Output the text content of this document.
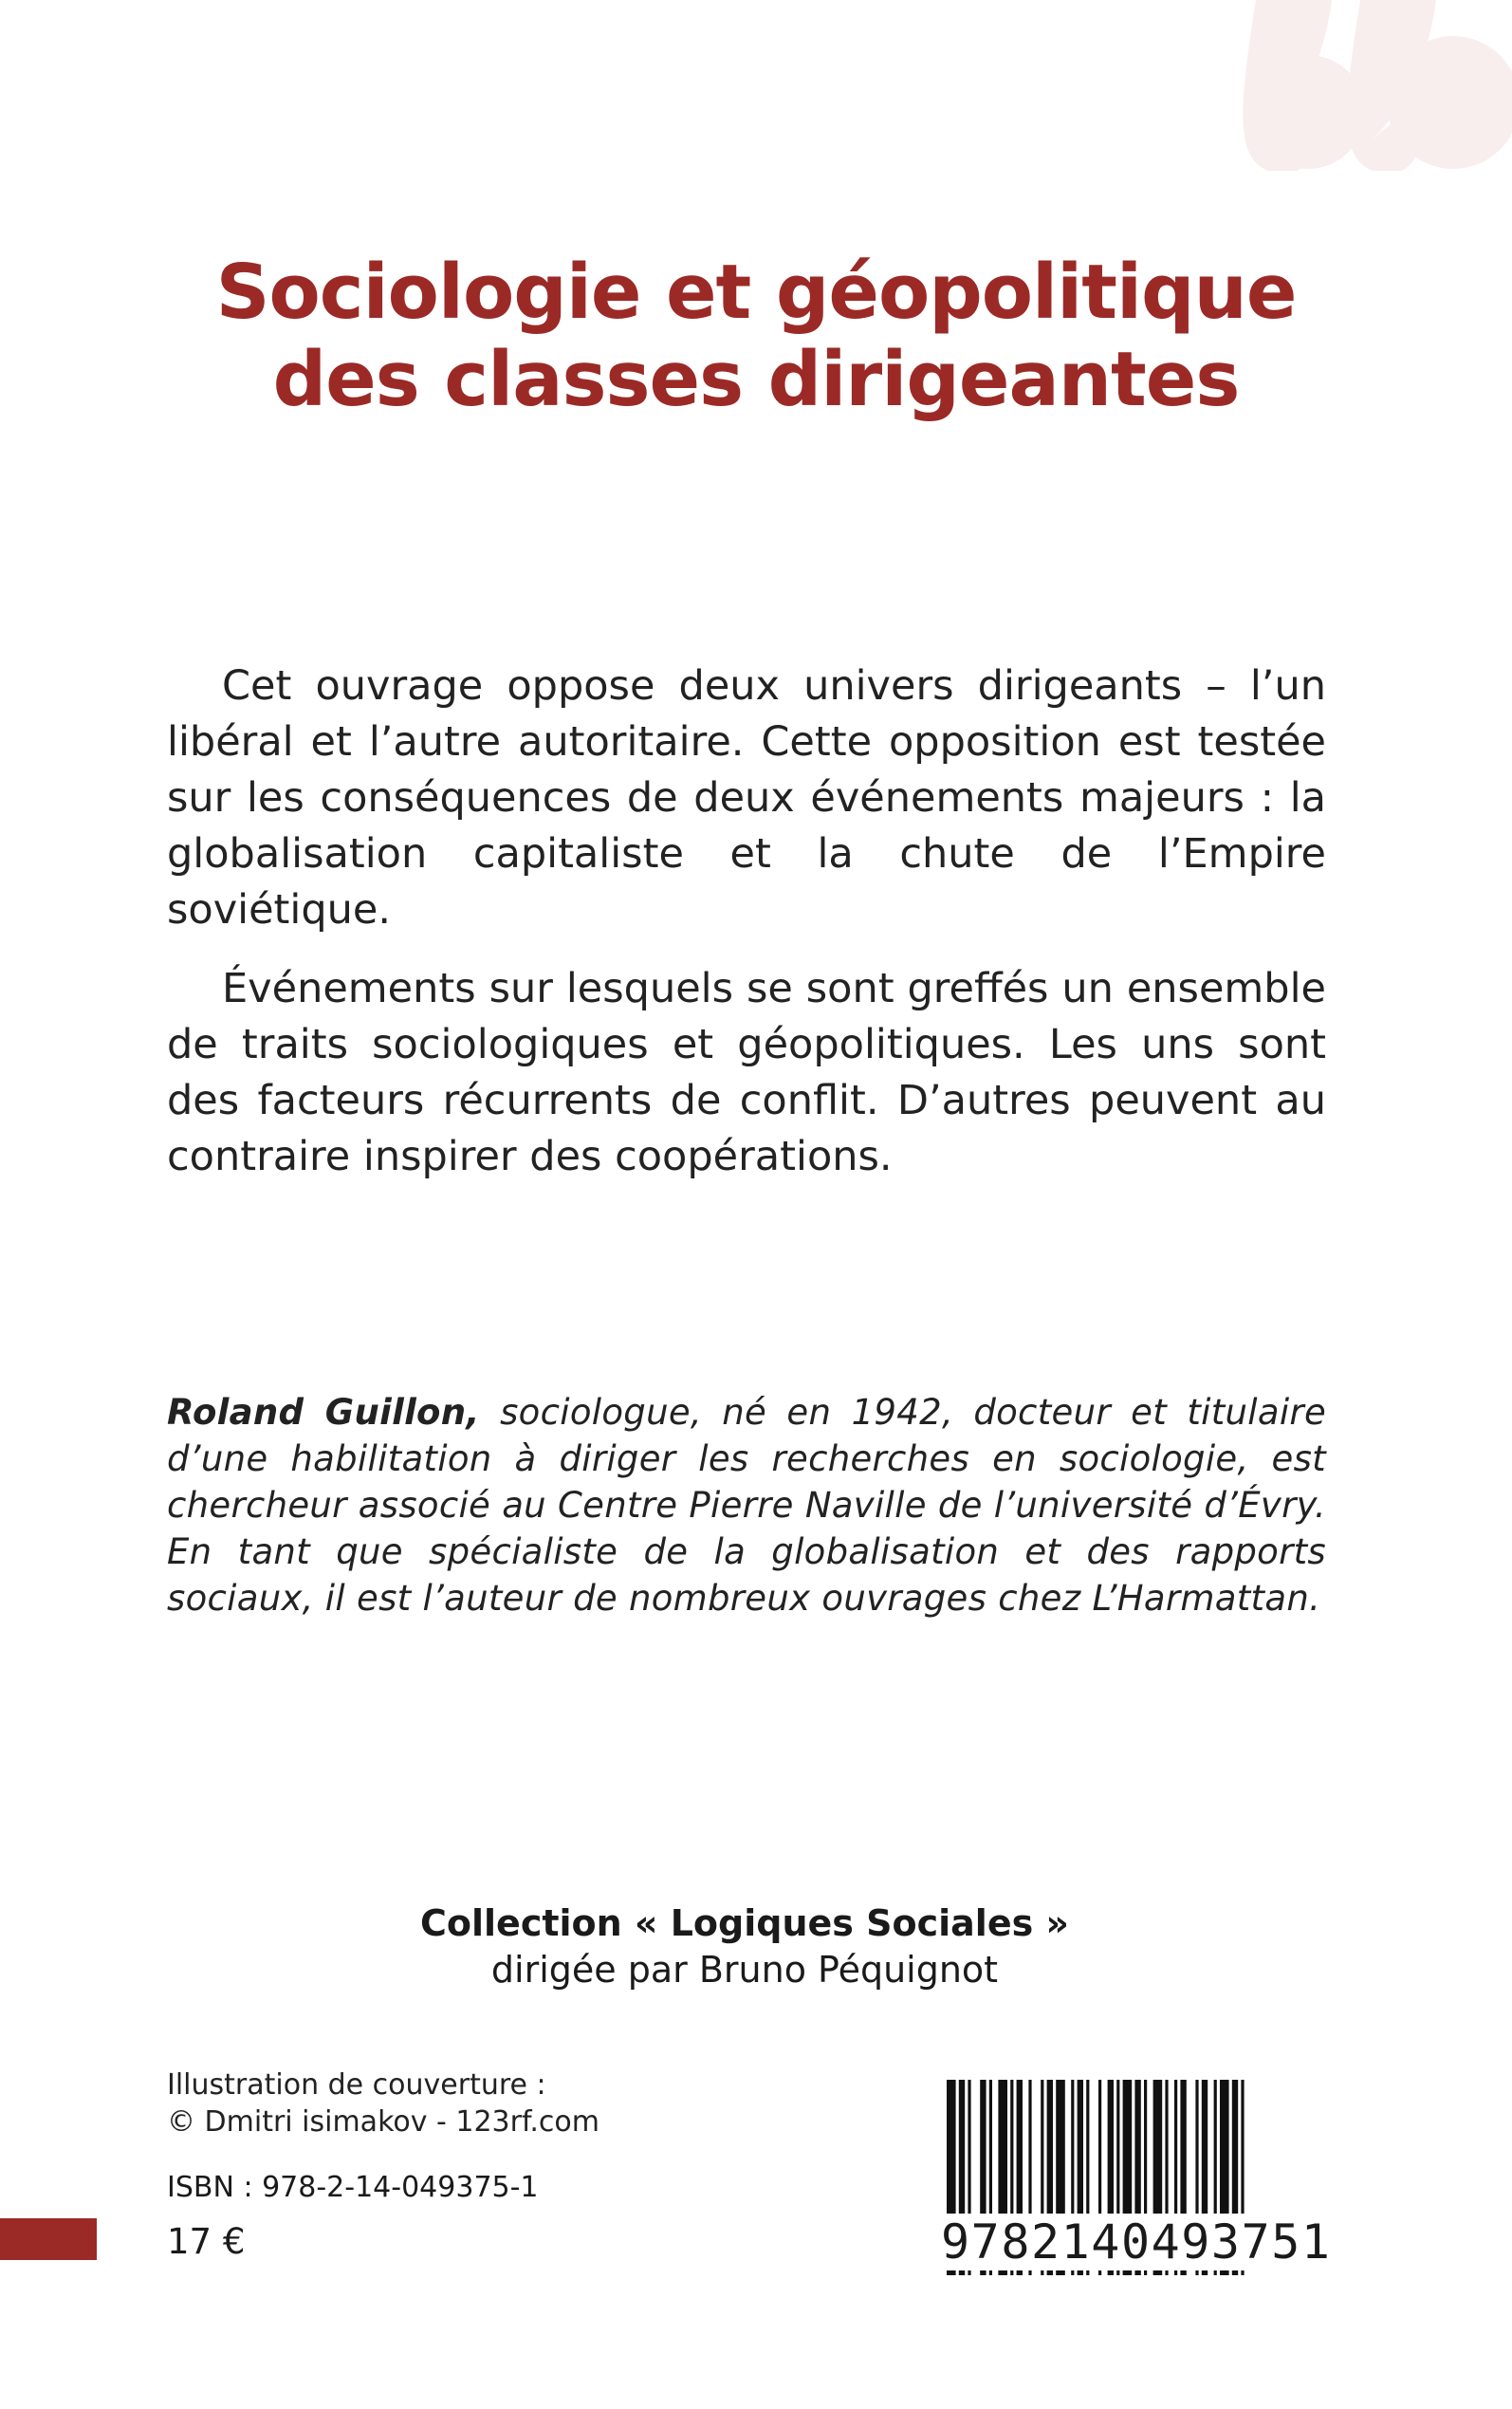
Sociologie et géopolitique
des classes dirigeantes

Cet ouvrage oppose deux univers dirigeants – l’un libéral et l’autre autoritaire. Cette opposition est testée sur les conséquences de deux événements majeurs : la globalisation capitaliste et la chute de l’Empire soviétique.

Événements sur lesquels se sont greffés un ensemble de traits sociologiques et géopolitiques. Les uns sont des facteurs récurrents de conflit. D’autres peuvent au contraire inspirer des coopérations.

Roland Guillon, sociologue, né en 1942, docteur et titulaire d’une habilitation à diriger les recherches en sociologie, est chercheur associé au Centre Pierre Naville de l’université d’Évry. En tant que spécialiste de la globalisation et des rapports sociaux, il est l’auteur de nombreux ouvrages chez L’Harmattan.
Collection « Logiques Sociales »
dirigée par Bruno Péquignot
Illustration de couverture :
© Dmitri isimakov - 123rf.com
ISBN : 978-2-14-049375-1
17 €	9 7 8 2 1 4 0 4 9 3 7 5 1
